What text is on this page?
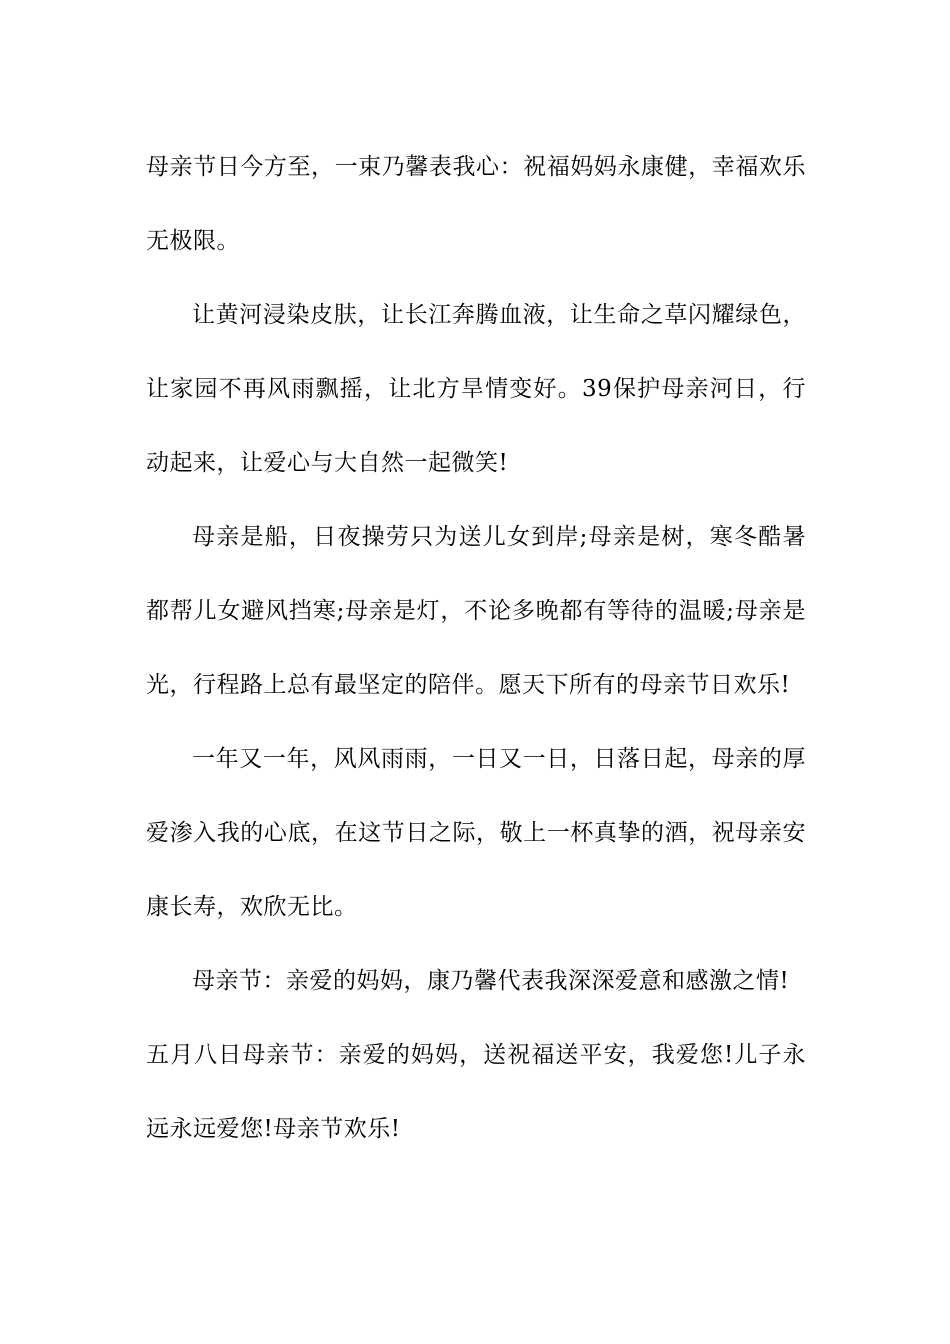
母亲节日今方至，一束乃馨表我心：祝福妈妈永康健，幸福欢乐无极限。

让黄河浸染皮肤，让长江奔腾血液，让生命之草闪耀绿色，让家园不再风雨飘摇，让北方旱情变好。39保护母亲河日，行动起来，让爱心与大自然一起微笑!

母亲是船，日夜操劳只为送儿女到岸;母亲是树，寒冬酷暑都帮儿女避风挡寒;母亲是灯，不论多晚都有等待的温暖;母亲是光，行程路上总有最坚定的陪伴。愿天下所有的母亲节日欢乐!

一年又一年，风风雨雨，一日又一日，日落日起，母亲的厚爱渗入我的心底，在这节日之际，敬上一杯真挚的酒，祝母亲安康长寿，欢欣无比。

母亲节：亲爱的妈妈，康乃馨代表我深深爱意和感激之情!

五月八日母亲节：亲爱的妈妈，送祝福送平安，我爱您!儿子永远永远爱您!母亲节欢乐!
